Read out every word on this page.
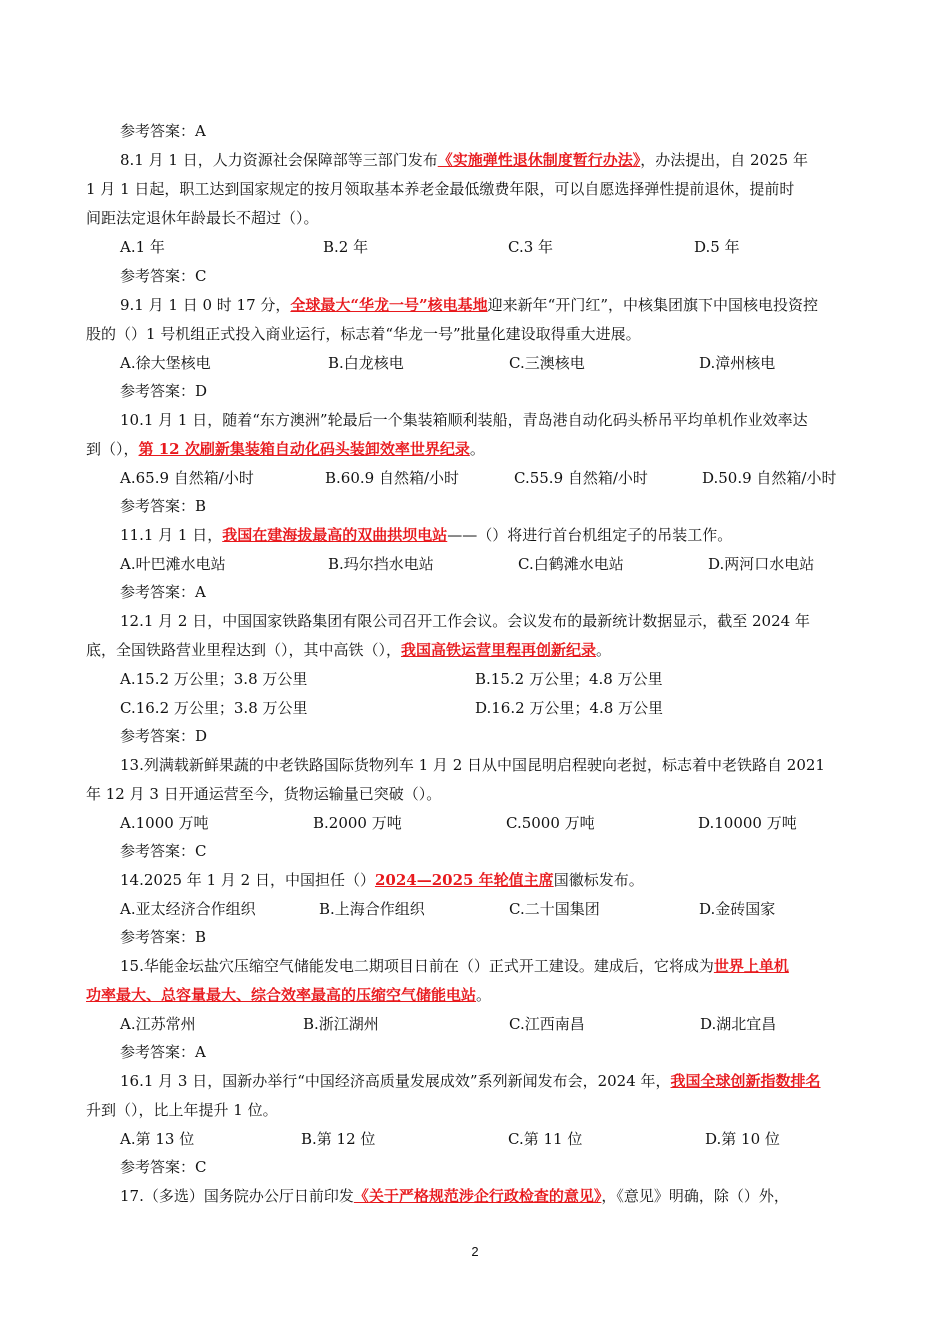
参考答案：A
8.1 月 1 日，人力资源社会保障部等三部门发布《实施弹性退休制度暂行办法》，办法提出，自 2025 年
1 月 1 日起，职工达到国家规定的按月领取基本养老金最低缴费年限，可以自愿选择弹性提前退休，提前时
间距法定退休年龄最长不超过（）。
A.1 年	B.2 年	C.3 年	D.5 年
参考答案：C
9.1 月 1 日 0 时 17 分，全球最大“华龙一号”核电基地迎来新年“开门红”，中核集团旗下中国核电投资控
股的（）1 号机组正式投入商业运行，标志着“华龙一号”批量化建设取得重大进展。
A.徐大堡核电	B.白龙核电	C.三澳核电	D.漳州核电
参考答案：D
10.1 月 1 日，随着“东方澳洲”轮最后一个集装箱顺利装船，青岛港自动化码头桥吊平均单机作业效率达
到（），第 12 次刷新集装箱自动化码头装卸效率世界纪录。
A.65.9 自然箱/小时	B.60.9 自然箱/小时	C.55.9 自然箱/小时	D.50.9 自然箱/小时
参考答案：B
11.1 月 1 日，我国在建海拔最高的双曲拱坝电站——（）将进行首台机组定子的吊装工作。
A.叶巴滩水电站	B.玛尔挡水电站	C.白鹤滩水电站	D.两河口水电站
参考答案：A
12.1 月 2 日，中国国家铁路集团有限公司召开工作会议。会议发布的最新统计数据显示，截至 2024 年
底，全国铁路营业里程达到（），其中高铁（），我国高铁运营里程再创新纪录。
A.15.2 万公里；3.8 万公里	B.15.2 万公里；4.8 万公里
C.16.2 万公里；3.8 万公里	D.16.2 万公里；4.8 万公里
参考答案：D
13.列满载新鲜果蔬的中老铁路国际货物列车 1 月 2 日从中国昆明启程驶向老挝，标志着中老铁路自 2021
年 12 月 3 日开通运营至今，货物运输量已突破（）。
A.1000 万吨	B.2000 万吨	C.5000 万吨	D.10000 万吨
参考答案：C
14.2025 年 1 月 2 日，中国担任（）2024—2025 年轮值主席国徽标发布。
A.亚太经济合作组织	B.上海合作组织	C.二十国集团	D.金砖国家
参考答案：B
15.华能金坛盐穴压缩空气储能发电二期项目日前在（）正式开工建设。建成后，它将成为世界上单机
功率最大、总容量最大、综合效率最高的压缩空气储能电站。
A.江苏常州	B.浙江湖州	C.江西南昌	D.湖北宜昌
参考答案：A
16.1 月 3 日，国新办举行“中国经济高质量发展成效”系列新闻发布会，2024 年，我国全球创新指数排名
升到（），比上年提升 1 位。
A.第 13 位	B.第 12 位	C.第 11 位	D.第 10 位
参考答案：C
17.（多选）国务院办公厅日前印发《关于严格规范涉企行政检查的意见》，《意见》明确，除（）外，
2
